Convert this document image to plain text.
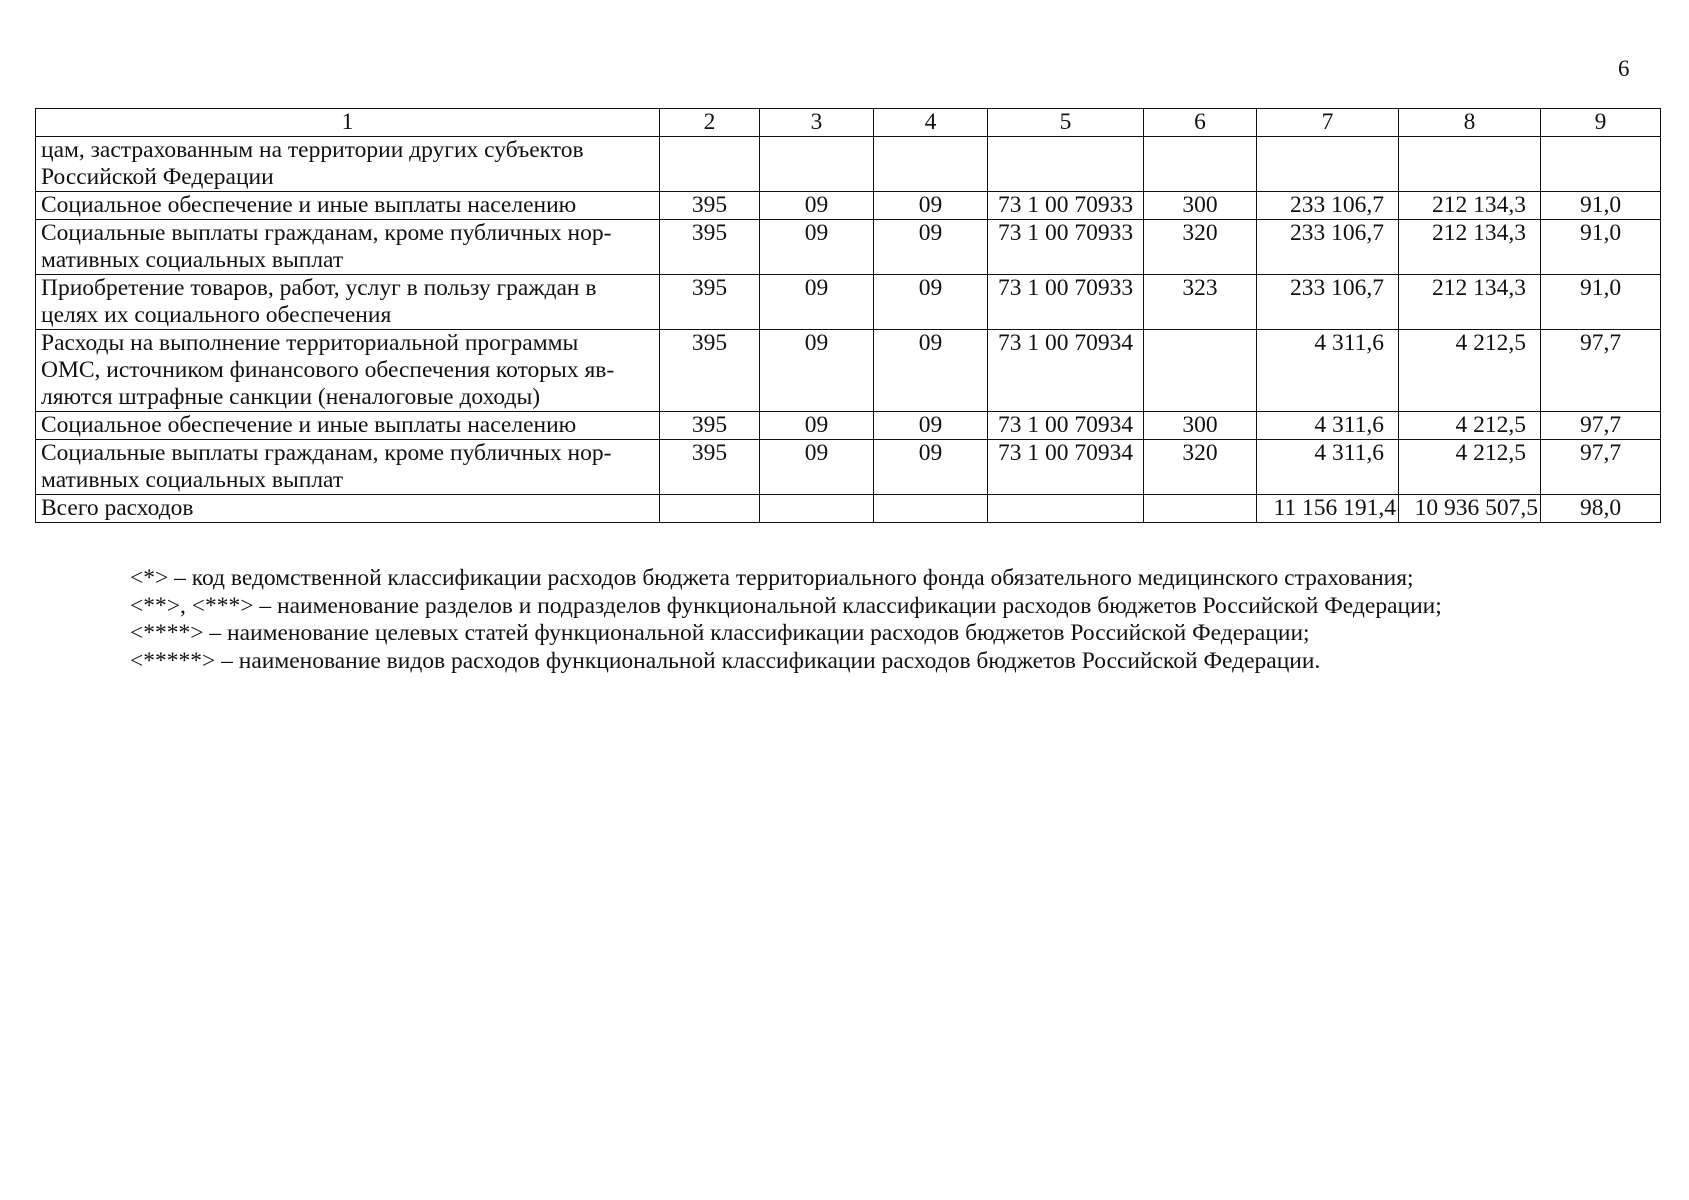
6
1	2	3	4	5	6	7	8	9

цам, застрахованным на территории других субъектов
Российской Федерации								

Социальное обеспечение и иные выплаты населению	395	09	09	73 1 00 70933	300	233 106,7	212 134,3	91,0

Социальные выплаты гражданам, кроме публичных нор-
мативных социальных выплат	395	09	09	73 1 00 70933	320	233 106,7	212 134,3	91,0

Приобретение товаров, работ, услуг в пользу граждан в
целях их социального обеспечения	395	09	09	73 1 00 70933	323	233 106,7	212 134,3	91,0

Расходы на выполнение территориальной программы
ОМС, источником финансового обеспечения которых яв-
ляются штрафные санкции (неналоговые доходы)	395	09	09	73 1 00 70934		4 311,6	4 212,5	97,7

Социальное обеспечение и иные выплаты населению	395	09	09	73 1 00 70934	300	4 311,6	4 212,5	97,7

Социальные выплаты гражданам, кроме публичных нор-
мативных социальных выплат	395	09	09	73 1 00 70934	320	4 311,6	4 212,5	97,7

Всего расходов						11 156 191,4	10 936 507,5	98,0
<*> – код ведомственной классификации расходов бюджета территориального фонда обязательного медицинского страхования;
<**>, <***> – наименование разделов и подразделов функциональной классификации расходов бюджетов Российской Федерации;
<****> – наименование целевых статей функциональной классификации расходов бюджетов Российской Федерации;
<*****> – наименование видов расходов функциональной классификации расходов бюджетов Российской Федерации.
